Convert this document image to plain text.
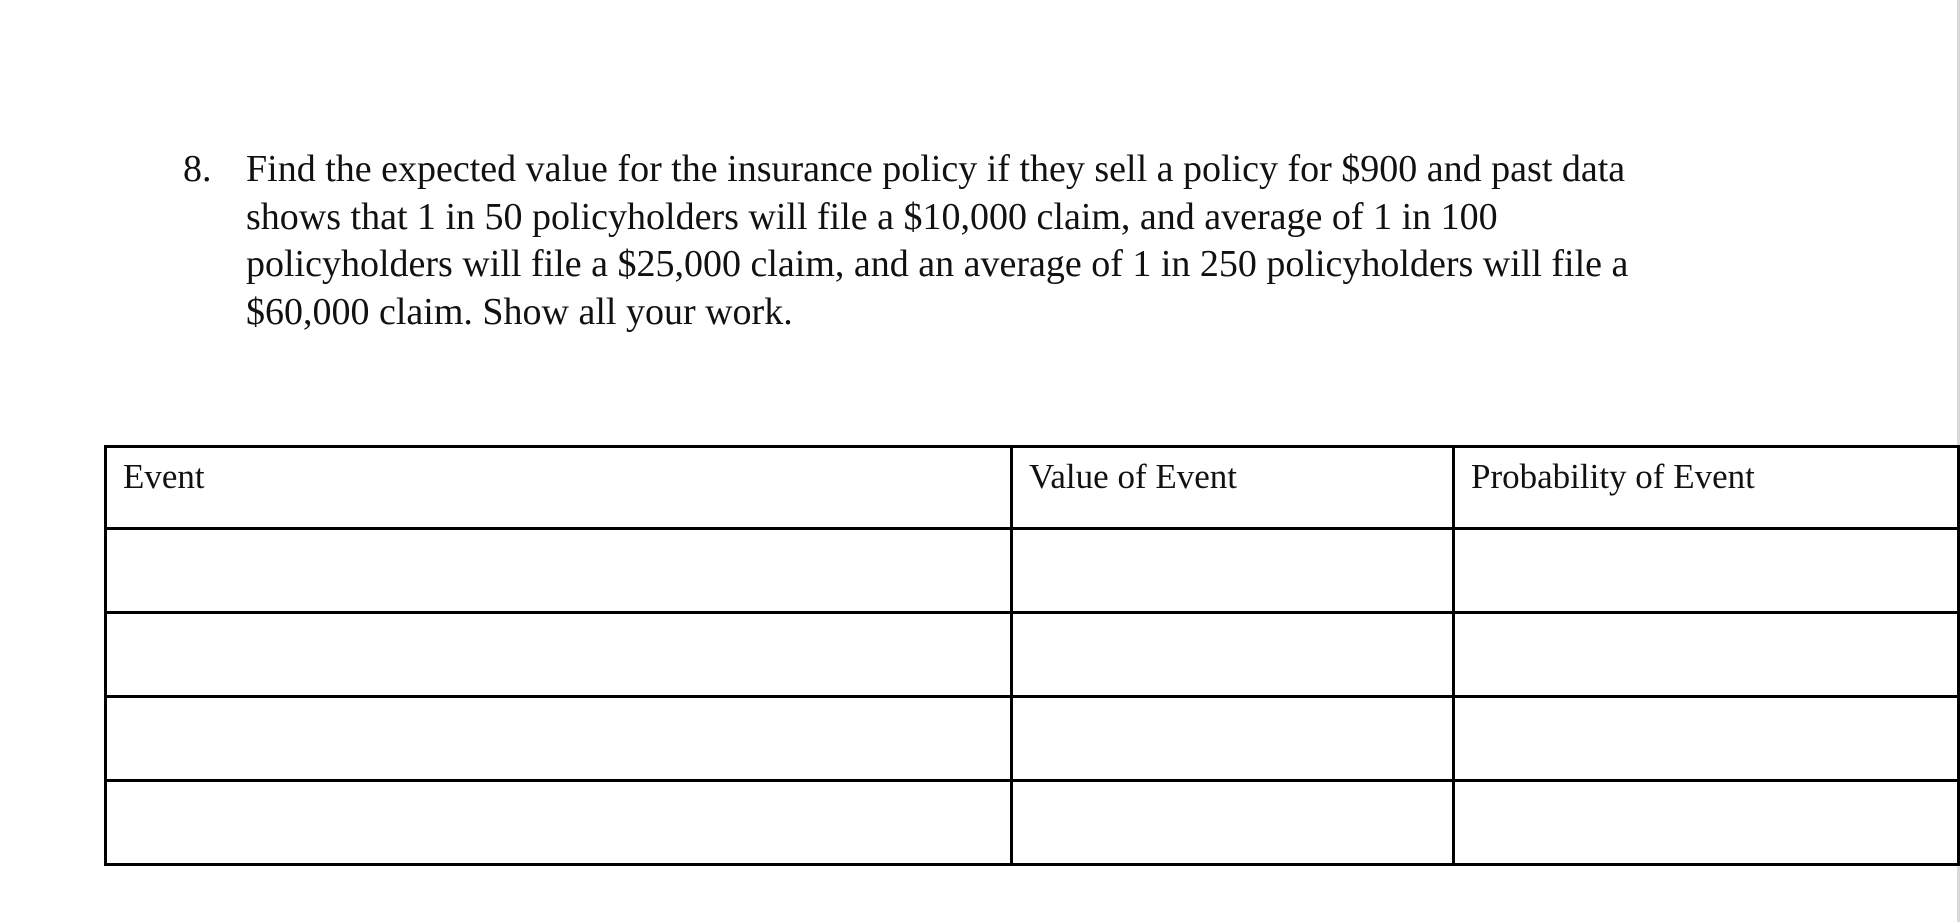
8. Find the expected value for the insurance policy if they sell a policy for $900 and past data shows that 1 in 50 policyholders will file a $10,000 claim, and average of 1 in 100 policyholders will file a $25,000 claim, and an average of 1 in 250 policyholders will file a $60,000 claim. Show all your work.
Event	Value of Event	Probability of Event
